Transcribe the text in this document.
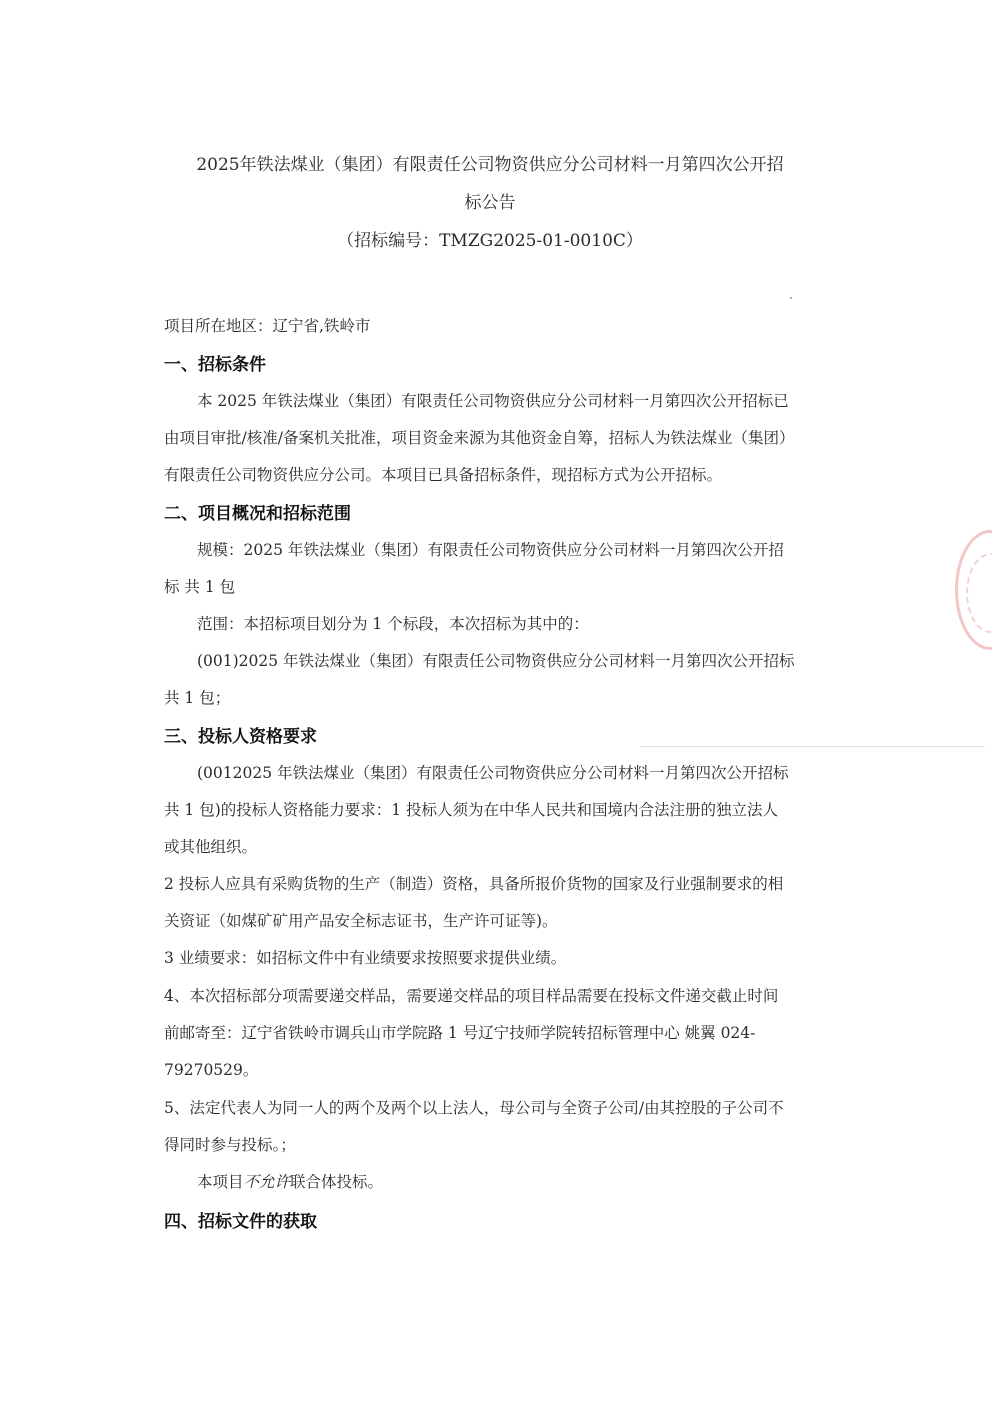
2025年铁法煤业（集团）有限责任公司物资供应分公司材料一月第四次公开招
标公告
（招标编号：TMZG2025-01-0010C）
项目所在地区：辽宁省,铁岭市
一、招标条件
本 2025 年铁法煤业（集团）有限责任公司物资供应分公司材料一月第四次公开招标已
由项目审批/核准/备案机关批准，项目资金来源为其他资金自筹，招标人为铁法煤业（集团）
有限责任公司物资供应分公司。本项目已具备招标条件，现招标方式为公开招标。
二、项目概况和招标范围
规模：2025 年铁法煤业（集团）有限责任公司物资供应分公司材料一月第四次公开招
标 共 1 包
范围：本招标项目划分为 1 个标段，本次招标为其中的：
(001)2025 年铁法煤业（集团）有限责任公司物资供应分公司材料一月第四次公开招标
共 1 包；
三、投标人资格要求
(0012025 年铁法煤业（集团）有限责任公司物资供应分公司材料一月第四次公开招标
共 1 包)的投标人资格能力要求：1 投标人须为在中华人民共和国境内合法注册的独立法人
或其他组织。
2 投标人应具有采购货物的生产（制造）资格，具备所报价货物的国家及行业强制要求的相
关资证（如煤矿矿用产品安全标志证书，生产许可证等)。
3 业绩要求：如招标文件中有业绩要求按照要求提供业绩。
4、本次招标部分项需要递交样品，需要递交样品的项目样品需要在投标文件递交截止时间
前邮寄至：辽宁省铁岭市调兵山市学院路 1 号辽宁技师学院转招标管理中心 姚翼 024-
79270529。
5、法定代表人为同一人的两个及两个以上法人，母公司与全资子公司/由其控股的子公司不
得同时参与投标。；
本项目不允许联合体投标。
四、招标文件的获取
